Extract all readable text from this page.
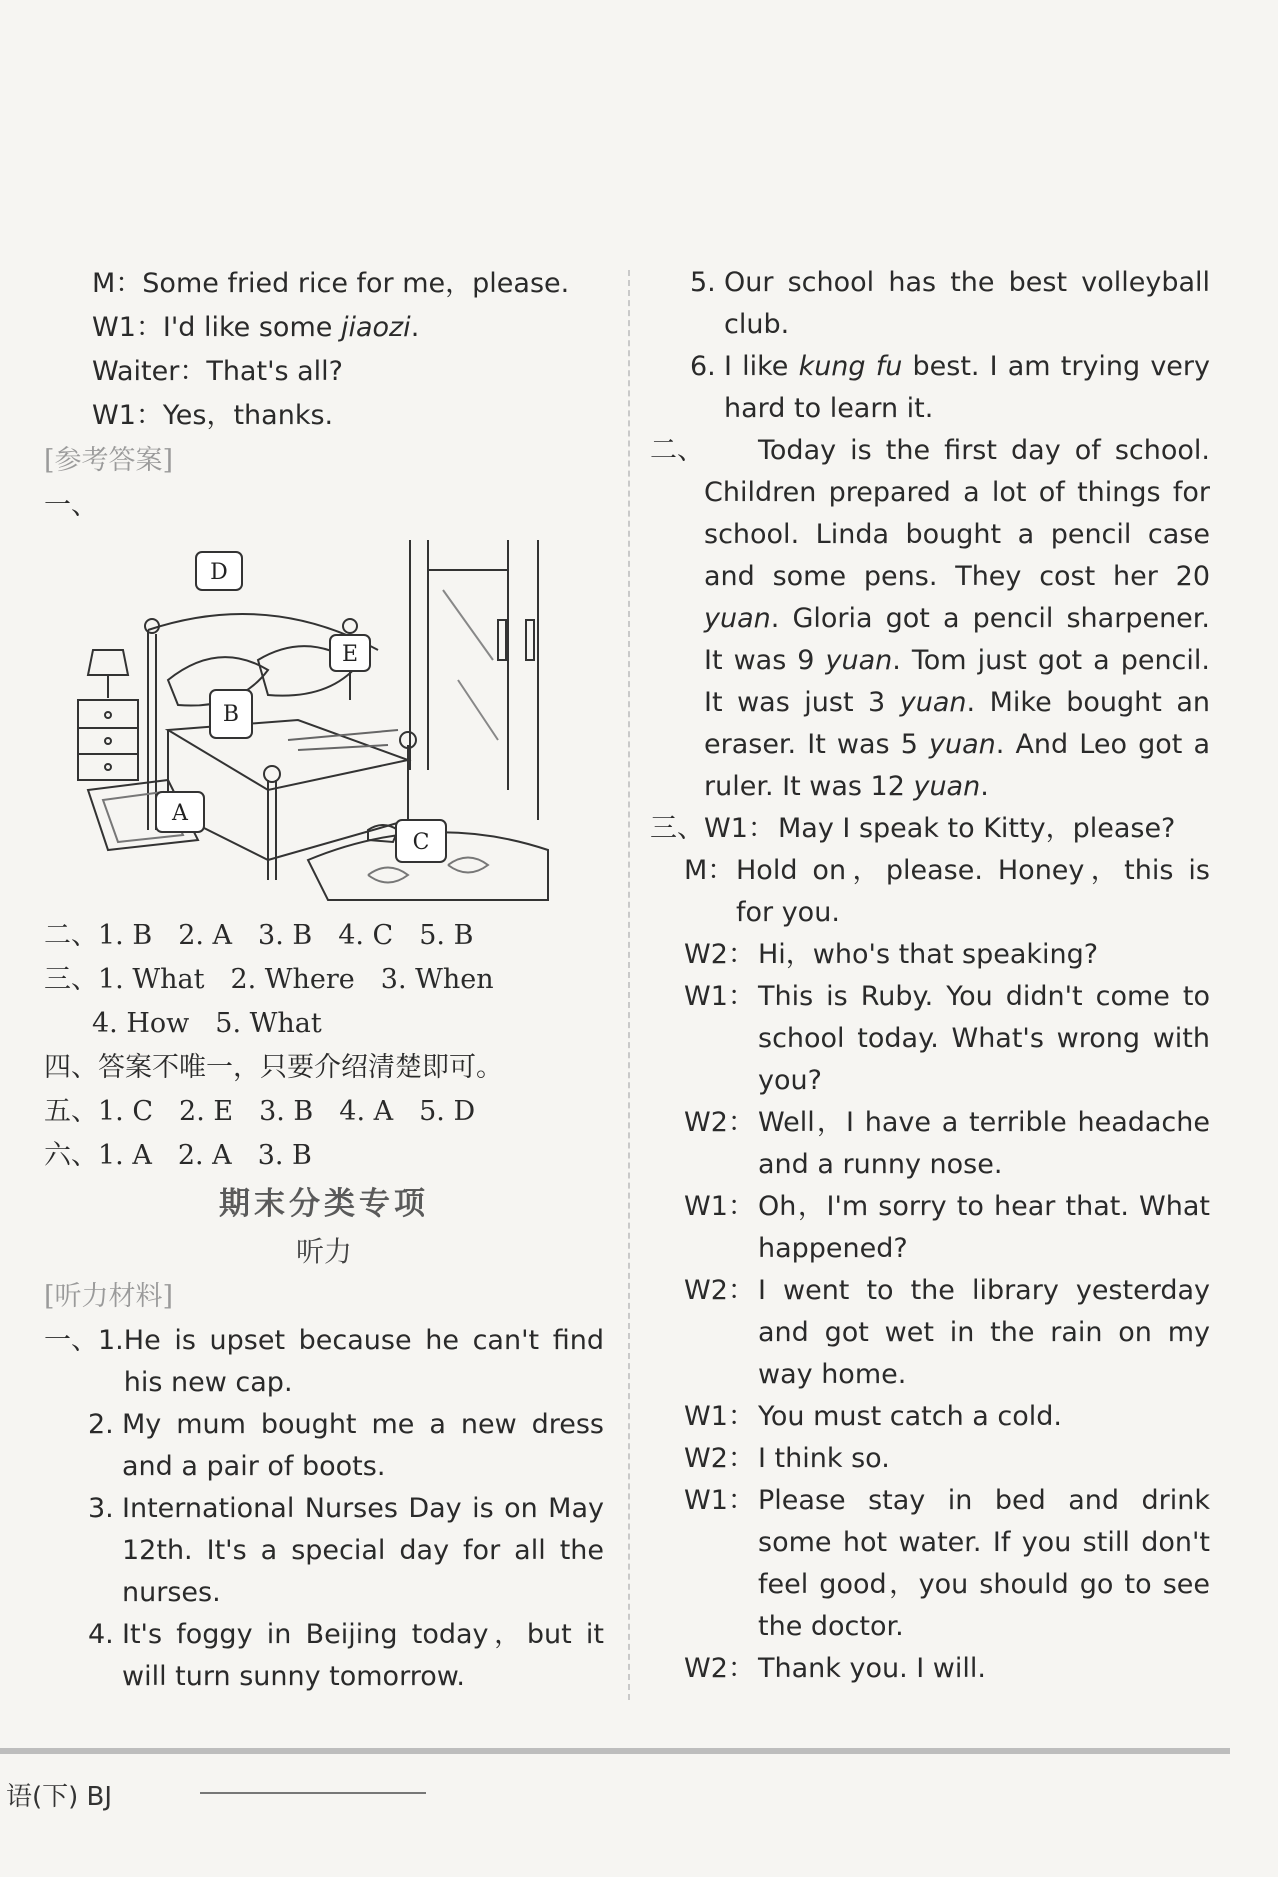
M：Some fried rice for me，please.
W1：I'd like some jiaozi.
Waiter：That's all?
W1：Yes，thanks.
[参考答案]
一、
D
E
B
A
C
二、1. B 2. A 3. B 4. C 5. B
三、1. What 2. Where 3. When
4. How 5. What
四、答案不唯一，只要介绍清楚即可。
五、1. C 2. E 3. B 4. A 5. D
六、1. A 2. A 3. B
期末分类专项
听力
[听力材料]
一、1. He is upset because he can't find his new cap.
2. My mum bought me a new dress and a pair of boots.
3. International Nurses Day is on May 12th. It's a special day for all the nurses.
4. It's foggy in Beijing today，but it will turn sunny tomorrow.
5. Our school has the best volleyball club.
6. I like kung fu best. I am trying very hard to learn it.
二、	Today is the first day of school. Children prepared a lot of things for school. Linda bought a pencil case and some pens. They cost her 20 yuan. Gloria got a pencil sharpener. It was 9 yuan. Tom just got a pencil. It was just 3 yuan. Mike bought an eraser. It was 5 yuan. And Leo got a ruler. It was 12 yuan.
三、 W1： May I speak to Kitty，please?
M： Hold on，please. Honey，this is for you.
W2： Hi，who's that speaking?
W1： This is Ruby. You didn't come to school today. What's wrong with you?
W2： Well，I have a terrible headache and a runny nose.
W1： Oh，I'm sorry to hear that. What happened?
W2： I went to the library yesterday and got wet in the rain on my way home.
W1： You must catch a cold.
W2： I think so.
W1： Please stay in bed and drink some hot water. If you still don't feel good，you should go to see the doctor.
W2： Thank you. I will.
语(下) BJ
